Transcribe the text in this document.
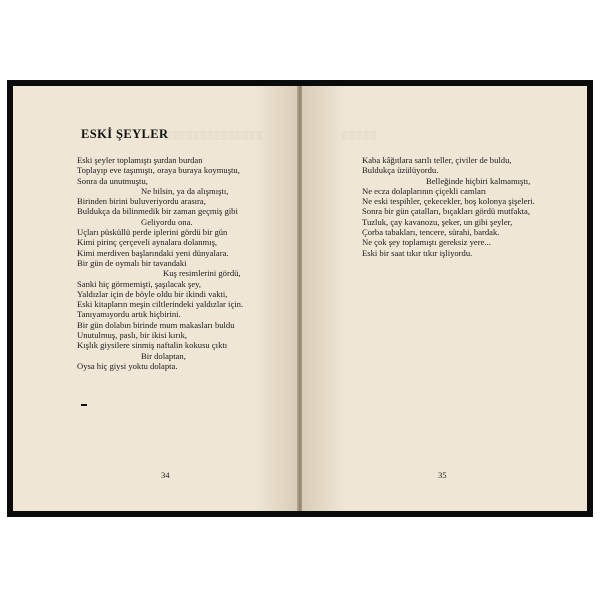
▒▒▒▒▒▒▒▒▒▒▒▒▒▒
ESKİ ŞEYLER
Eski şeyler toplamıştı şurdan burdan
Toplayıp eve taşımıştı, oraya buraya koymuştu,
Sonra da unutmuştu,
Ne bilsin, ya da alışmıştı,
Birinden birini buluveriyordu arasıra,
Buldukça da bilinmedik bir zaman geçmiş gibi
Geliyordu ona.
Uçları püsküllü perde iplerini gördü bir gün
Kimi pirinç çerçeveli aynalara dolanmış,
Kimi merdiven başlarındaki yeni dünyalara.
Bir gün de oymalı bir tavandaki
Kuş resimlerini gördü,
Sanki hiç görmemişti, şaşılacak şey,
Yaldızlar için de böyle oldu bir ikindi vakti,
Eski kitapların meşin ciltlerindeki yaldızlar için.
Tanıyamıyordu artık hiçbirini.
Bir gün dolabın birinde mum makasları buldu
Unutulmuş, paslı, bir ikisi kırık,
Kışlık giysilere sinmiş naftalin kokusu çıktı
Bir dolaptan,
Oysa hiç giysi yoktu dolapta.
34
▒▒▒▒▒
Kaba kâğıtlara sarılı teller, çiviler de buldu,
Buldukça üzülüyordu.
Belleğinde hiçbiri kalmamıştı,
Ne ecza dolaplarının çiçekli camları
Ne eski tespihler, çekecekler, boş kolonya şişeleri.
Sonra bir gün çatalları, bıçakları gördü mutfakta,
Tuzluk, çay kavanozu, şeker, un gibi şeyler,
Çorba tabakları, tencere, sürahi, bardak.
Ne çok şey toplamıştı gereksiz yere...
Eski bir saat tıkır tıkır işliyordu.
35
